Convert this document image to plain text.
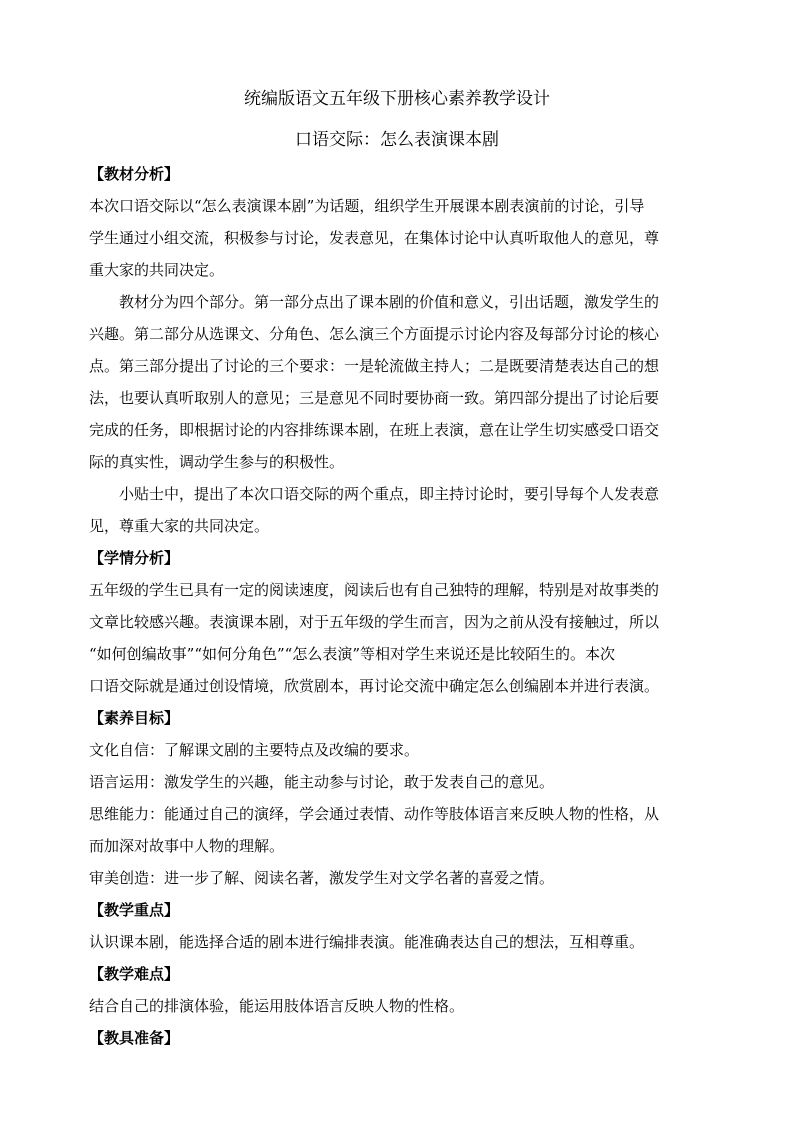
统编版语文五年级下册核心素养教学设计
口语交际：怎么表演课本剧
【教材分析】
本次口语交际以“怎么表演课本剧”为话题，组织学生开展课本剧表演前的讨论，引导
学生通过小组交流，积极参与讨论，发表意见，在集体讨论中认真听取他人的意见，尊
重大家的共同决定。
教材分为四个部分。第一部分点出了课本剧的价值和意义，引出话题，激发学生的
兴趣。第二部分从选课文、分角色、怎么演三个方面提示讨论内容及每部分讨论的核心
点。第三部分提出了讨论的三个要求：一是轮流做主持人；二是既要清楚表达自己的想
法，也要认真听取别人的意见；三是意见不同时要协商一致。第四部分提出了讨论后要
完成的任务，即根据讨论的内容排练课本剧，在班上表演，意在让学生切实感受口语交
际的真实性，调动学生参与的积极性。
小贴士中，提出了本次口语交际的两个重点，即主持讨论时，要引导每个人发表意
见，尊重大家的共同决定。
【学情分析】
五年级的学生已具有一定的阅读速度，阅读后也有自己独特的理解，特别是对故事类的
文章比较感兴趣。表演课本剧，对于五年级的学生而言，因为之前从没有接触过，所以
“如何创编故事”“如何分角色”“怎么表演”等相对学生来说还是比较陌生的。本次
口语交际就是通过创设情境，欣赏剧本，再讨论交流中确定怎么创编剧本并进行表演。
【素养目标】
文化自信：了解课文剧的主要特点及改编的要求。
语言运用：激发学生的兴趣，能主动参与讨论，敢于发表自己的意见。
思维能力：能通过自己的演绎，学会通过表情、动作等肢体语言来反映人物的性格，从
而加深对故事中人物的理解。
审美创造：进一步了解、阅读名著，激发学生对文学名著的喜爱之情。
【教学重点】
认识课本剧，能选择合适的剧本进行编排表演。能准确表达自己的想法，互相尊重。
【教学难点】
结合自己的排演体验，能运用肢体语言反映人物的性格。
【教具准备】
